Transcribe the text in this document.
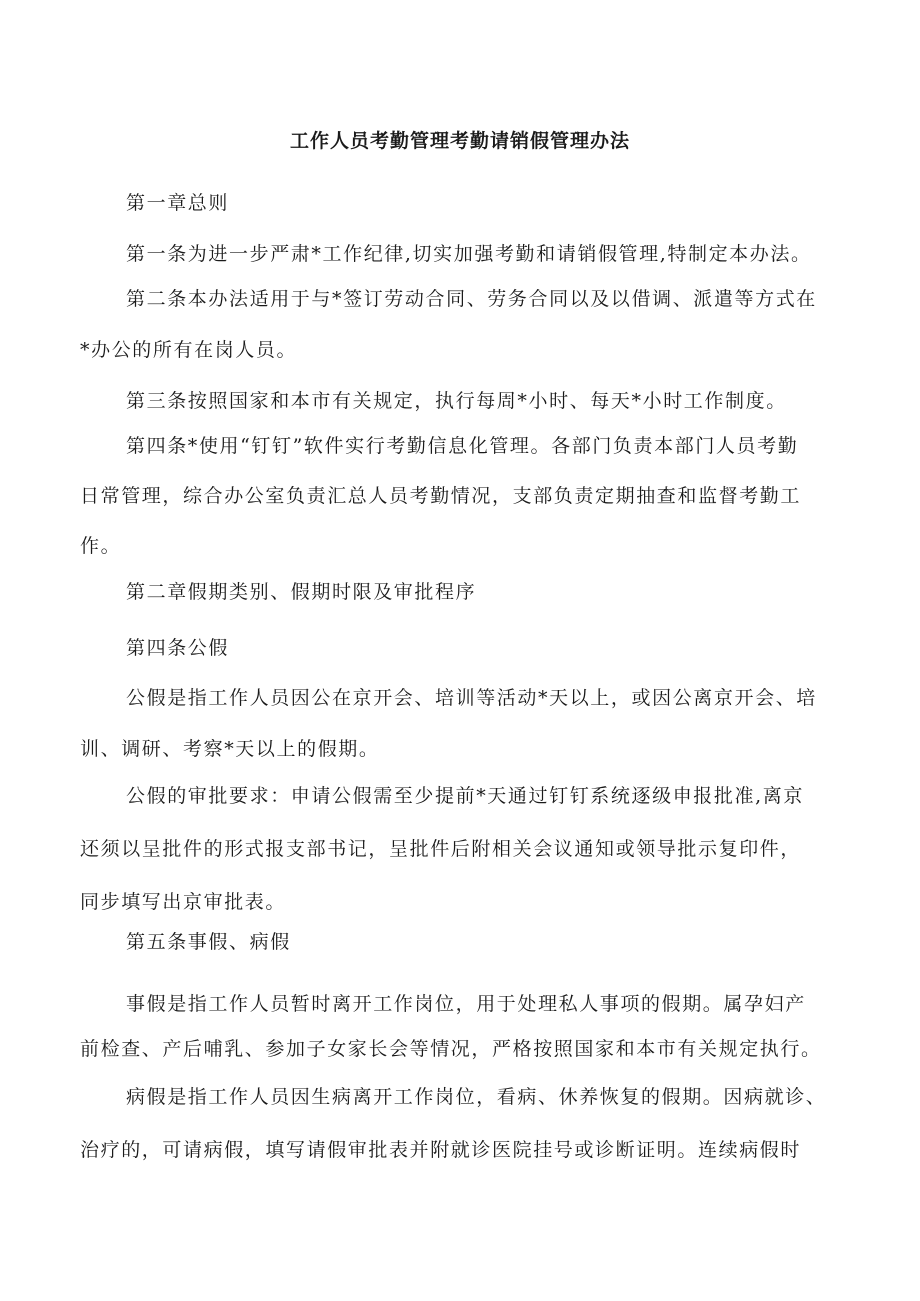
工作人员考勤管理考勤请销假管理办法

第一章总则

第一条为进一步严肃*工作纪律,切实加强考勤和请销假管理,特制定本办法。

第二条本办法适用于与*签订劳动合同、劳务合同以及以借调、派遣等方式在
*办公的所有在岗人员。

第三条按照国家和本市有关规定，执行每周*小时、每天*小时工作制度。

第四条*使用“钉钉”软件实行考勤信息化管理。各部门负责本部门人员考勤
日常管理，综合办公室负责汇总人员考勤情况，支部负责定期抽查和监督考勤工
作。

第二章假期类别、假期时限及审批程序

第四条公假

公假是指工作人员因公在京开会、培训等活动*天以上，或因公离京开会、培
训、调研、考察*天以上的假期。

公假的审批要求：申请公假需至少提前*天通过钉钉系统逐级申报批准,离京
还须以呈批件的形式报支部书记，呈批件后附相关会议通知或领导批示复印件，
同步填写出京审批表。

第五条事假、病假

事假是指工作人员暂时离开工作岗位，用于处理私人事项的假期。属孕妇产
前检查、产后哺乳、参加子女家长会等情况，严格按照国家和本市有关规定执行。

病假是指工作人员因生病离开工作岗位，看病、休养恢复的假期。因病就诊、
治疗的，可请病假，填写请假审批表并附就诊医院挂号或诊断证明。连续病假时
